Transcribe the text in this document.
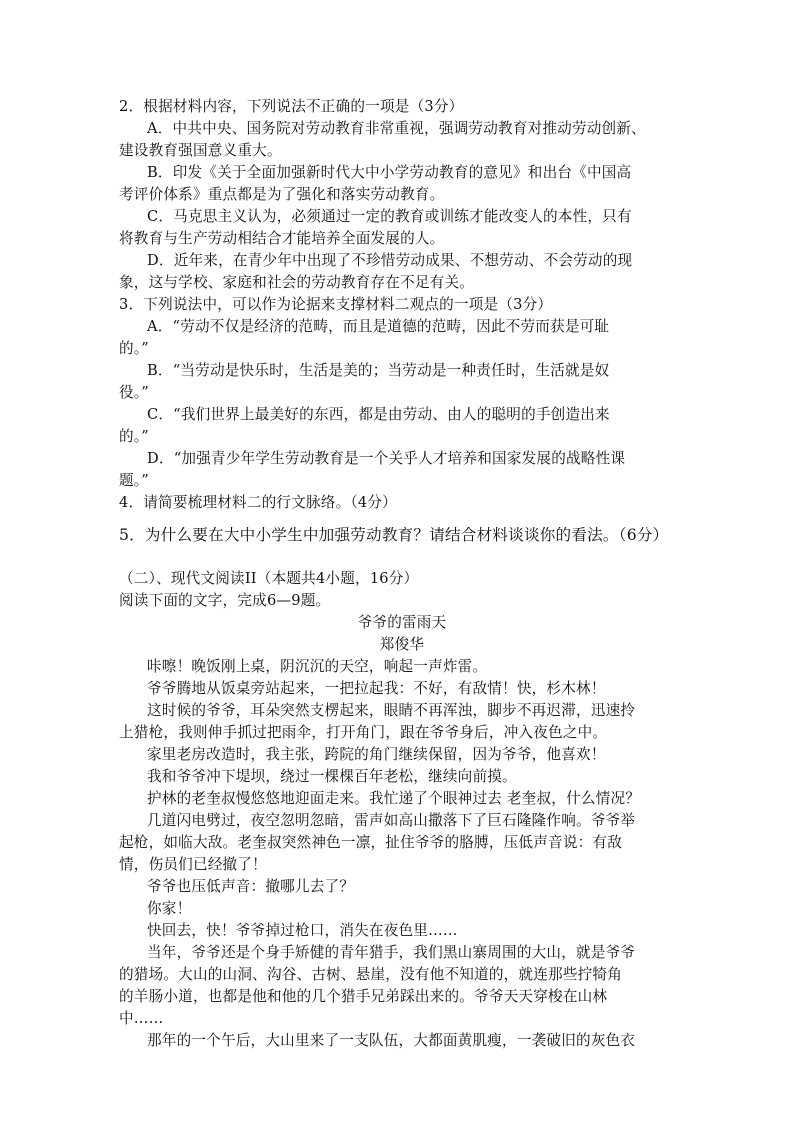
2．根据材料内容，下列说法不正确的一项是（3分）
A．中共中央、国务院对劳动教育非常重视，强调劳动教育对推动劳动创新、
建设教育强国意义重大。
B．印发《关于全面加强新时代大中小学劳动教育的意见》和出台《中国高
考评价体系》重点都是为了强化和落实劳动教育。
C．马克思主义认为，必须通过一定的教育或训练才能改变人的本性，只有
将教育与生产劳动相结合才能培养全面发展的人。
D．近年来，在青少年中出现了不珍惜劳动成果、不想劳动、不会劳动的现
象，这与学校、家庭和社会的劳动教育存在不足有关。
3．下列说法中，可以作为论据来支撑材料二观点的一项是（3分）
A．“劳动不仅是经济的范畴，而且是道德的范畴，因此不劳而获是可耻
的。”
B．“当劳动是快乐时，生活是美的；当劳动是一种责任时，生活就是奴
役。”
C．“我们世界上最美好的东西，都是由劳动、由人的聪明的手创造出来
的。”
D．“加强青少年学生劳动教育是一个关乎人才培养和国家发展的战略性课
题。”
4．请简要梳理材料二的行文脉络。（4分）
5．为什么要在大中小学生中加强劳动教育？请结合材料谈谈你的看法。（6分）
（二）、现代文阅读II（本题共4小题，16分）
阅读下面的文字，完成6—9题。
爷爷的雷雨天
郑俊华
咔嚓！晚饭刚上桌，阴沉沉的天空，响起一声炸雷。
爷爷腾地从饭桌旁站起来，一把拉起我：不好，有敌情！快，杉木林！
这时候的爷爷，耳朵突然支楞起来，眼睛不再浑浊，脚步不再迟滞，迅速拎
上猎枪，我则伸手抓过把雨伞，打开角门，跟在爷爷身后，冲入夜色之中。
家里老房改造时，我主张，跨院的角门继续保留，因为爷爷，他喜欢！
我和爷爷冲下堤坝，绕过一棵棵百年老松，继续向前摸。
护林的老奎叔慢悠悠地迎面走来。我忙递了个眼神过去 老奎叔，什么情况？
几道闪电劈过，夜空忽明忽暗，雷声如高山撒落下了巨石隆隆作响。爷爷举
起枪，如临大敌。老奎叔突然神色一凛，扯住爷爷的胳膊，压低声音说：有敌
情，伤员们已经撤了！
爷爷也压低声音：撤哪儿去了？
你家！
快回去，快！爷爷掉过枪口，消失在夜色里……
当年，爷爷还是个身手矫健的青年猎手，我们黑山寨周围的大山，就是爷爷
的猎场。大山的山洞、沟谷、古树、悬崖，没有他不知道的，就连那些拧犄角
的羊肠小道，也都是他和他的几个猎手兄弟踩出来的。爷爷天天穿梭在山林
中……
那年的一个午后，大山里来了一支队伍，大都面黄肌瘦，一袭破旧的灰色衣
